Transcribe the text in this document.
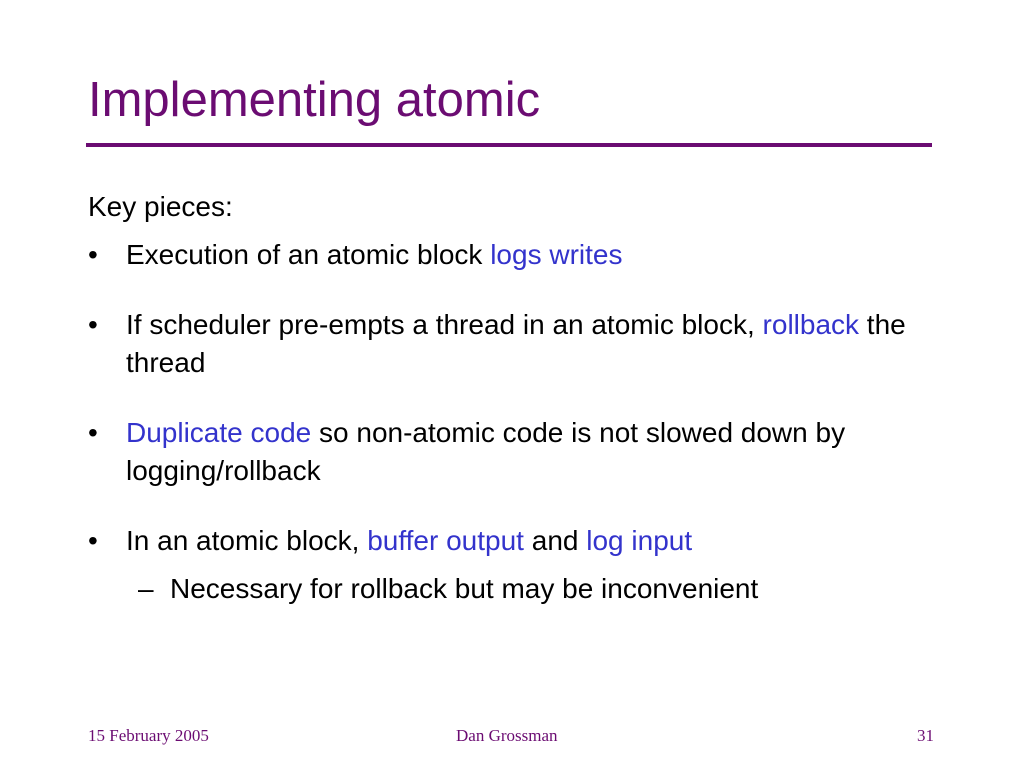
Implementing atomic

Key pieces:

•	Execution of an atomic block logs writes
•	If scheduler pre-empts a thread in an atomic block, rollback the thread
•	Duplicate code so non-atomic code is not slowed down by logging/rollback
•	In an atomic block, buffer output and log input
– Necessary for rollback but may be inconvenient
15 February 2005	Dan Grossman	31
